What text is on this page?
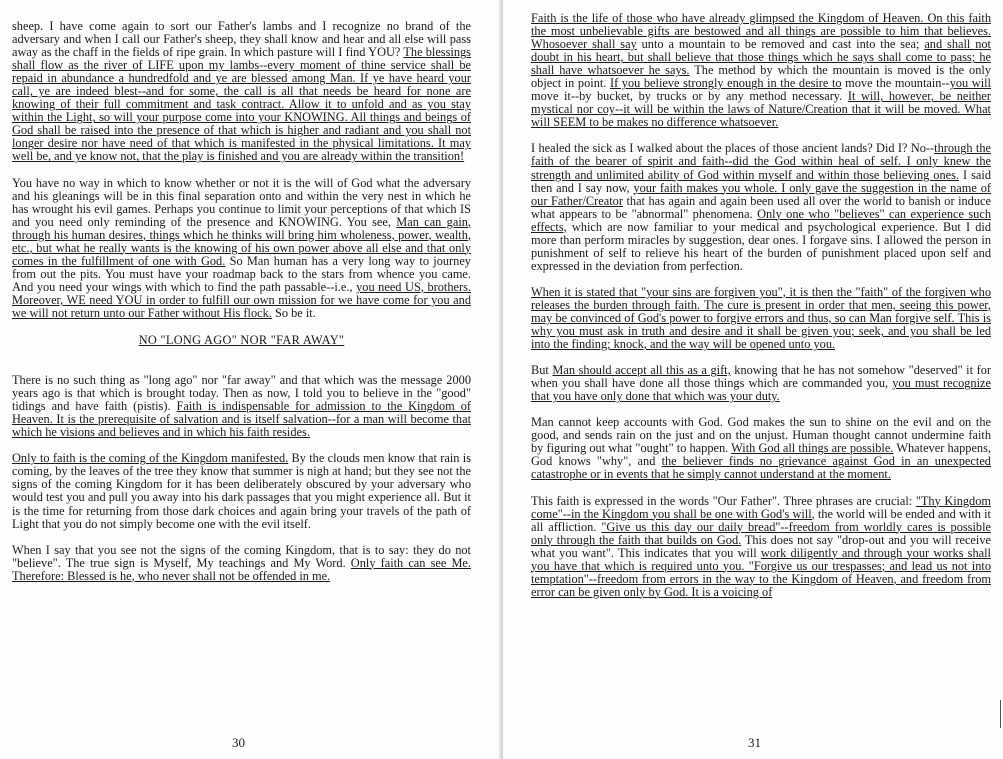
sheep. I have come again to sort our Father's lambs and I recognize no brand of the adversary and when I call our Father's sheep, they shall know and hear and all else will pass away as the chaff in the fields of ripe grain. In which pasture will I find YOU? The blessings shall flow as the river of LIFE upon my lambs--every moment of thine service shall be repaid in abundance a hundredfold and ye are blessed among Man. If ye have heard your call, ye are indeed blest--and for some, the call is all that needs be heard for none are knowing of their full commitment and task contract. Allow it to unfold and as you stay within the Light, so will your purpose come into your KNOWING. All things and beings of God shall be raised into the presence of that which is higher and radiant and you shall not longer desire nor have need of that which is manifested in the physical limitations. It may well be, and ye know not, that the play is finished and you are already within the transition!

You have no way in which to know whether or not it is the will of God what the adversary and his gleanings will be in this final separation onto and within the very nest in which he has wrought his evil games. Perhaps you continue to limit your perceptions of that which IS and you need only reminding of the presence and KNOWING. You see, Man can gain, through his human desires, things which he thinks will bring him wholeness, power, wealth, etc., but what he really wants is the knowing of his own power above all else and that only comes in the fulfillment of one with God. So Man human has a very long way to journey from out the pits. You must have your roadmap back to the stars from whence you came. And you need your wings with which to find the path passable--i.e., you need US, brothers. Moreover, WE need YOU in order to fulfill our own mission for we have come for you and we will not return unto our Father without His flock. So be it.

NO "LONG AGO" NOR "FAR AWAY"

There is no such thing as "long ago" nor "far away" and that which was the message 2000 years ago is that which is brought today. Then as now, I told you to believe in the "good" tidings and have faith (pistis). Faith is indispensable for admission to the Kingdom of Heaven. It is the prerequisite of salvation and is itself salvation--for a man will become that which he visions and believes and in which his faith resides.

Only to faith is the coming of the Kingdom manifested. By the clouds men know that rain is coming, by the leaves of the tree they know that summer is nigh at hand; but they see not the signs of the coming Kingdom for it has been deliberately obscured by your adversary who would test you and pull you away into his dark passages that you might experience all. But it is the time for returning from those dark choices and again bring your travels of the path of Light that you do not simply become one with the evil itself.

When I say that you see not the signs of the coming Kingdom, that is to say: they do not "believe". The true sign is Myself, My teachings and My Word. Only faith can see Me. Therefore: Blessed is he, who never shall not be offended in me.

30

Faith is the life of those who have already glimpsed the Kingdom of Heaven. On this faith the most unbelievable gifts are bestowed and all things are possible to him that believes. Whosoever shall say unto a mountain to be removed and cast into the sea; and shall not doubt in his heart, but shall believe that those things which he says shall come to pass; he shall have whatsoever he says. The method by which the mountain is moved is the only object in point. If you believe strongly enough in the desire to move the mountain--you will move it--by bucket, by trucks or by any method necessary. It will, however, be neither mystical nor coy--it will be within the laws of Nature/Creation that it will be moved. What will SEEM to be makes no difference whatsoever.

I healed the sick as I walked about the places of those ancient lands? Did I? No--through the faith of the bearer of spirit and faith--did the God within heal of self. I only knew the strength and unlimited ability of God within myself and within those believing ones. I said then and I say now, your faith makes you whole. I only gave the suggestion in the name of our Father/Creator that has again and again been used all over the world to banish or induce what appears to be "abnormal" phenomena. Only one who "believes" can experience such effects, which are now familiar to your medical and psychological experience. But I did more than perform miracles by suggestion, dear ones. I forgave sins. I allowed the person in punishment of self to relieve his heart of the burden of punishment placed upon self and expressed in the deviation from perfection.

When it is stated that "your sins are forgiven you", it is then the "faith" of the forgiven who releases the burden through faith. The cure is present in order that men, seeing this power, may be convinced of God's power to forgive errors and thus, so can Man forgive self. This is why you must ask in truth and desire and it shall be given you; seek, and you shall be led into the finding; knock, and the way will be opened unto you.

But Man should accept all this as a gift, knowing that he has not somehow "deserved" it for when you shall have done all those things which are commanded you, you must recognize that you have only done that which was your duty.

Man cannot keep accounts with God. God makes the sun to shine on the evil and on the good, and sends rain on the just and on the unjust. Human thought cannot undermine faith by figuring out what "ought" to happen. With God all things are possible. Whatever happens, God knows "why", and the believer finds no grievance against God in an unexpected catastrophe or in events that he simply cannot understand at the moment.

This faith is expressed in the words "Our Father". Three phrases are crucial: "Thy Kingdom come"--in the Kingdom you shall be one with God's will, the world will be ended and with it all affliction. "Give us this day our daily bread"--freedom from worldly cares is possible only through the faith that builds on God. This does not say "drop-out and you will receive what you want". This indicates that you will work diligently and through your works shall you have that which is required unto you. "Forgive us our trespasses; and lead us not into temptation"--freedom from errors in the way to the Kingdom of Heaven, and freedom from error can be given only by God. It is a voicing of

31
